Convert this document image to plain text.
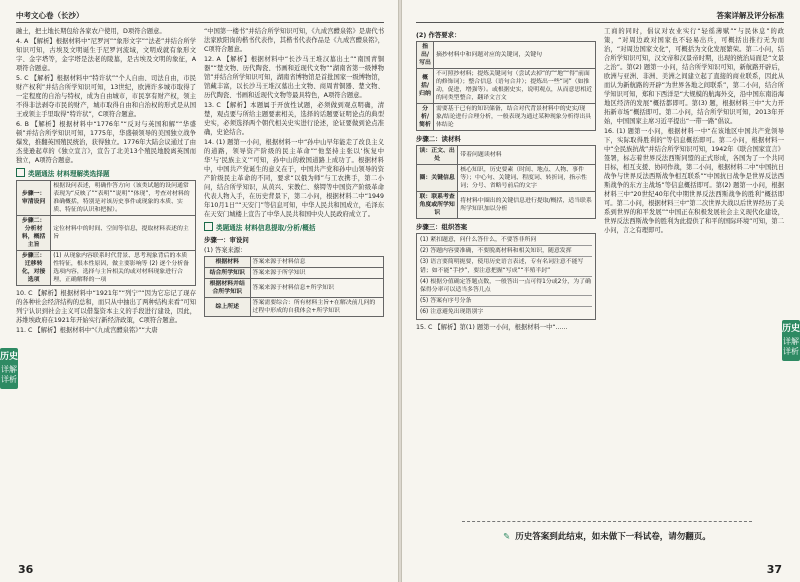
中考文心卷（长沙）

融土，把土地长期包给各家农户使用，D项符合题意。

4. A 【解析】根据材料中“尼罗河”“象形文字”“法老”并结合所学知识可知，古埃及文明诞生于尼罗河流域，文明成就有象形文字、金字塔等，金字塔是法老的陵墓，是古埃及文明的象征，A项符合题意。

5. C 【解析】根据材料中“特许状”“个人自由、司法自由，市民财产权利”并结合所学知识可知，13世纪，欧洲许多城市取得了一定程度的自治与特权，成为自由城市，市民享有财产权，领主不得非法剥夺市民的财产，城市取得自由和自治权的形式是从国王或领主手里取得“特许状”，C项符合题意。

6. B 【解析】根据材料中“1776年”“反对与英国和解”“华盛顿”并结合所学知识可知，1775年，华盛顿领导的美国独立战争爆发，推翻英国殖民统治，获得独立。1776年大陆会议通过了由杰斐逊起草的《独立宣言》，宣告了北美13个殖民地脱离英国而独立，A项符合题意。

类题通法 材料理解类选择题
步骤一：审清设问	根据设问表述，明确作答方向（该类试题的设问通常表现为“反映了”“表明”“说明”“体现”，考查对材料的准确概括，特别是对该历史事件或现象的本质、实质、特征的认识和把握）。
步骤二：分析材料，概括主旨	定位材料中的时间、空间等信息，提取材料表述的主旨
步骤三：迁移转化，对接选项	(1) 从现象内容联系时代背景、思考现象背后的本质性特征，根本性原因，做主要影响等 (2) 逐个分析备选项内容，选择与主旨相关的或对材料现象进行合理，正确解释的一项

10. C 【解析】根据材料中“1921年”“列宁”“因为它忘记了现存的各种社会经济结构的总和，而只从中抽出了两种结构来看”可知列宁认识到社会主义可以借鉴资本主义的手段进行建设，因此，苏维埃政府在1921年开始实行新经济政策，C项符合题意。

11. C 【解析】根据材料中“《九成宫醴泉铭》”“大唐

“中国第一楼书”并结合所学知识可知，《九成宫醴泉铭》是唐代书法家欧阳询的楷书代表作，其楷书代表作品是《九成宫醴泉铭》，C项符合题意。

12. A 【解析】根据材料中“长沙马王堆汉墓出土”“南国青铜器”“楚文物、历代陶瓷、书画和近现代文物”“湖南省第一级博物馆”并结合所学知识可知，湖南省博物馆是首批国家一级博物馆，馆藏丰富，以长沙马王堆汉墓出土文物、商周青铜器、楚文物、历代陶瓷、书画和近现代文物等最具特色，A项符合题意。

13. C 【解析】本题属于开放性试题，必须做到观点明确，清楚，观点要与所给主题要素相关，选择的话题要证明论点的典型史实，必须选择两个朝代相关史实进行论述，论证要做到论点准确，史论结合。

14. (1) 题第一小问，根据材料一中“孙中山早年能走了改良主义的道路，领导资产阶级的民主革命”“他坚持主张以‘恢复中华’与‘民族主义’”可知，孙中山的救国道路上成功了。根据材料中，中国共产党诞生的意义在于，中国共产党和孙中山领导的资产阶级民主革命的不同，要求“以俄为师”与工农携手，第二小问，结合所学知识，从黄兴、宋教仁、蔡锷等中国资产阶级革命代表人物入手，在历史背景下，第二小问，根据材料二中“1949年10月1日”“天安门”等信息可知，中华人民共和国成立，毛泽东在天安门城楼上宣告了中华人民共和国中央人民政府成立了。

类题通法 材料信息提取/分析/概括
步骤一：审设问
(1) 答案来源：
根据材料	答案来源于材料信息
结合所学知识	答案来源于所学知识
根据材料并结合所学知识	答案来源于材料信息+所学知识
综上所述	答案需要综合：所有材料主旨+在解决前几问的过程中形成的自我体会+所学知识
36
历史
详解详析
答案详解及评分标准
(2) 作答要求：
指出/写出	摘抄材料中和问题对应的关键词，关键句
概括/归纳	不可照抄材料；提炼关键词句（尝试去掉“的”“地”“得”前面的修饰词）；整合信息（语句合并）；提炼出一些“词”（如推动，促进，增强等）。或根据史实，说明观点，从而意思相近的同类型整合，翻译文言文
分析/简析	需要基于已有的知识储备，结合对代背景材料中的史实/现象/结论进行合理分析，一般表现为通过某种现象分析得出具体结论
步骤二：读材料
读：正文、出处	带着问题读材料
圈：关键信息	核心知识，历史要素（时间、地点、人物、事件等）；中心句、关键词、程度词、转折词，指示性词；分号、省略号前后的文字
联：联系考查角度或所学知识	将材料中圈出的关键信息进行提取/概括，适当联系所学知识加以分析
步骤三：组织答案
(1) 紧扣题意，问什么答什么，不要答非所问
(2) 答题内容要准确，不要脱离材料和相关知识，随意发挥
(3) 语言要简明扼要，使用历史语言表述，专有名词注意不能写错；如不能“手抄”，要注意把握“写成”“半殖半封”
(4) 根据分值确定答题点数，一般答出一点可得1分或2分，为了确保得分率可以适当多答几点
(5) 答案有序号分条
(6) 注意避免出现错别字

15. C 【解析】第(1) 题第一小问，根据材料一中“......

工商的同时，倡议对农业实行“轻徭薄赋”“与民休息”的政策，“对周边政对国家也不轻易出兵，可概括出推行无为而治，“对周边国家文化”，可概括为文化发展繁荣。第二小问，结合所学知识可知，汉文帝和汉景帝时期，出现的统治局面是“文景之治”。第(2) 题第一小问，结合所学知识可知，新航路开辟后，欧洲与亚洲、非洲、美洲之间建立起了直接的商业联系，因此从而认为新航路的开辟“为世界各地之间联系”，第二小问，结合所学知识可知，郑和下西洋是“大规模的航海外交，沿中国东南沿海地区经济的发展”概括都即可。第(3) 题，根据材料三中“大力开拓新市场”概括即可。第二小问，结合所学知识可知，2013年开始，中国国家主席习近平提出“一带一路”倡议。

16. (1) 题第一小问，根据材料一中“在该地区中国共产党领导下，实际取得胜利的”等信息概括即可。第二小问，根据材料一中“全民族抗战”并结合所学知识可知，1942年《联合国家宣言》签署，标志着世界反法西斯同盟的正式形成，各国为了一个共同目标，相互支援、协同作战，第二小问，根据材料二中“中国抗日战争与世界反法西斯战争相互联系”“中国抗日战争是世界反法西斯战争的东方主战场”等信息概括即可。第(2) 题第一小问，根据材料三中“20世纪40年代中期世界反法西斯战争的胜利”概括即可。第二小问，根据材料三中“第二次世界大战以后世界经历了关系到世界的和平发展”“中国正在积极发展社会主义现代化建设，世界反法西斯战争的胜利为此提供了和平的国际环境”可知，第二小问，言之有理即可。

✎ 历史答案到此结束，如未做下一科试卷，请勿翻页。
37
历史
详解详析
